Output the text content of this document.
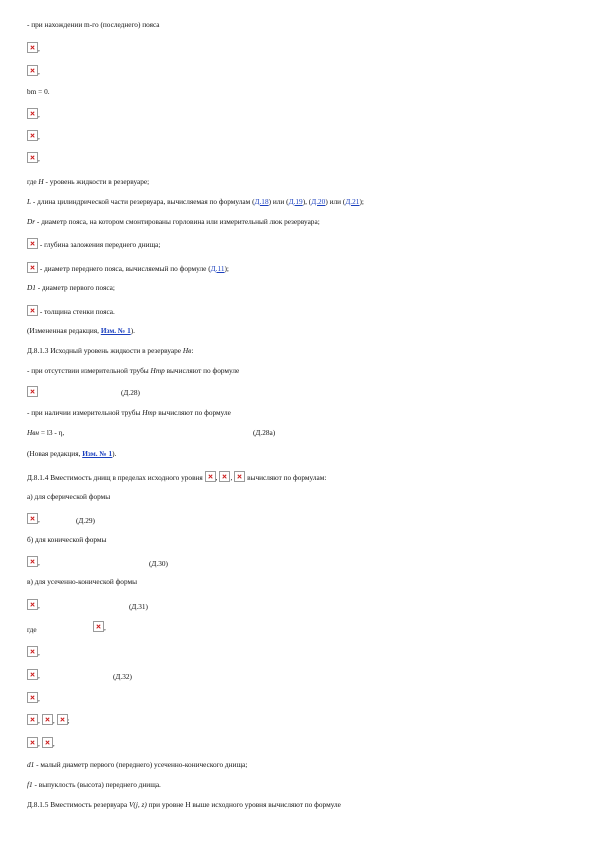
- при нахождении m-го (последнего) пояса
,
,
bm = 0.
,
,
,
где H - уровень жидкости в резервуаре;
L - длина цилиндрической части резервуара, вычисляемая по формулам (Д.18) или (Д.19), (Д.20) или (Д.21);
Dr - диаметр пояса, на котором смонтированы горловина или измерительный люк резервуара;
- глубина заложения переднего днища;
- диаметр переднего пояса, вычисляемый по формуле (Д.11);
D1 - диаметр первого пояса;
- толщина стенки пояса.
(Измененная редакция, Изм. № 1).
Д.8.1.3 Исходный уровень жидкости в резервуаре Нв:
- при отсутствии измерительной трубы Нтр вычисляют по формуле
(Д.28)
- при наличии измерительной трубы Нтр вычисляют по формуле
Hвн = l3 - η,	(Д.28а)
(Новая редакция, Изм. № 1).
Д.8.1.4 Вместимость днищ в пределах исходного уровня , , вычисляют по формулам:
а) для сферической формы
,	(Д.29)
б) для конической формы
,	(Д.30)
в) для усеченно-конической формы
,	(Д.31)
где	,
,
,	(Д.32)
,
, , ;
, ,
d1 - малый диаметр первого (переднего) усеченно-конического днища;
f1 - выпуклость (высота) переднего днища.
Д.8.1.5 Вместимость резервуара V(j, z) при уровне H выше исходного уровня вычисляют по формуле
